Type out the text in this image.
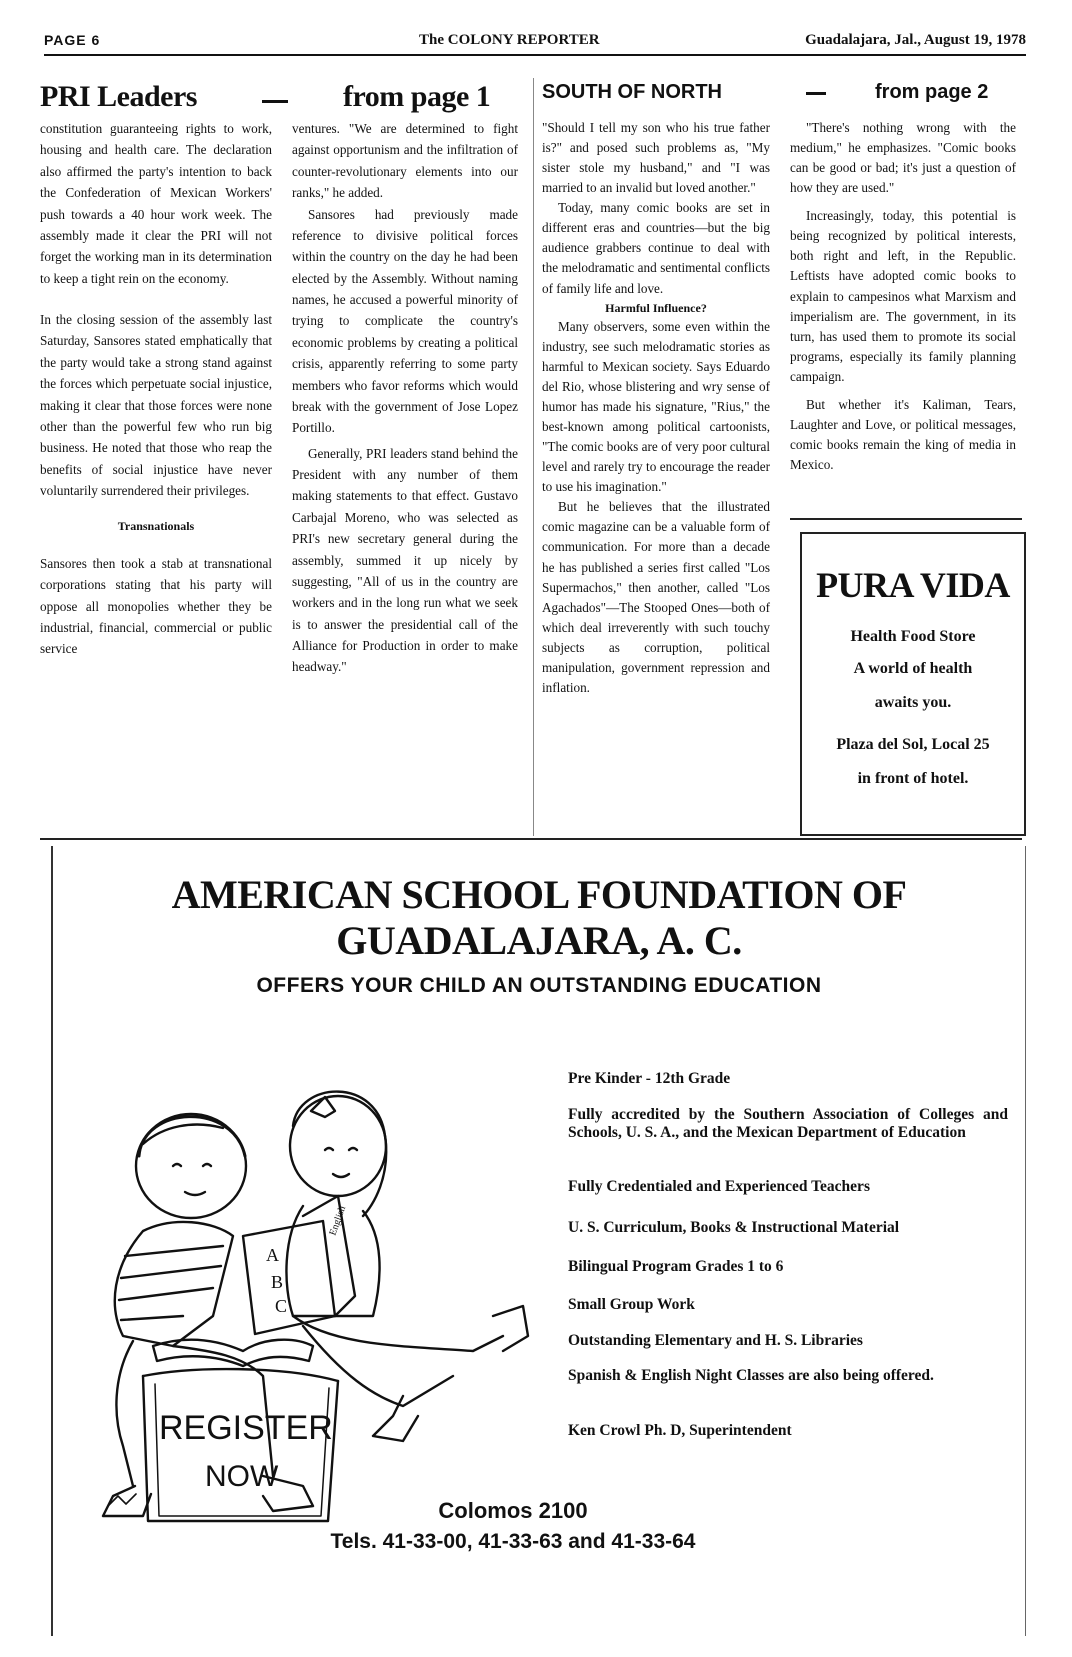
PAGE 6	The COLONY REPORTER	Guadalajara, Jal., August 19, 1978
PRI Leaders	from page 1	SOUTH OF NORTH	from page 2

constitution guaranteeing rights to work, housing and health care. The declaration also affirmed the party's intention to back the Confederation of Mexican Workers' push towards a 40 hour work week. The assembly made it clear the PRI will not forget the working man in its determination to keep a tight rein on the economy.

In the closing session of the assembly last Saturday, Sansores stated emphatically that the party would take a strong stand against the forces which perpetuate social injustice, making it clear that those forces were none other than the powerful few who run big business. He noted that those who reap the benefits of social injustice have never voluntarily surrendered their privileges.

Transnationals

Sansores then took a stab at transnational corporations stating that his party will oppose all monopolies whether they be industrial, financial, commercial or public service

ventures. "We are determined to fight against opportunism and the infiltration of counter-revolutionary elements into our ranks," he added.

Sansores had previously made reference to divisive political forces within the country on the day he had been elected by the Assembly. Without naming names, he accused a powerful minority of trying to complicate the country's economic problems by creating a political crisis, apparently referring to some party members who favor reforms which would break with the government of Jose Lopez Portillo.

Generally, PRI leaders stand behind the President with any number of them making statements to that effect. Gustavo Carbajal Moreno, who was selected as PRI's new secretary general during the assembly, summed it up nicely by suggesting, "All of us in the country are workers and in the long run what we seek is to answer the presidential call of the Alliance for Production in order to make headway."

"Should I tell my son who his true father is?" and posed such problems as, "My sister stole my husband," and "I was married to an invalid but loved another."

Today, many comic books are set in different eras and countries—but the big audience grabbers continue to deal with the melodramatic and sentimental conflicts of family life and love.

Harmful Influence?

Many observers, some even within the industry, see such melodramatic stories as harmful to Mexican society. Says Eduardo del Rio, whose blistering and wry sense of humor has made his signature, "Rius," the best-known among political cartoonists, "The comic books are of very poor cultural level and rarely try to encourage the reader to use his imagination."

But he believes that the illustrated comic magazine can be a valuable form of communication. For more than a decade he has published a series first called "Los Supermachos," then another, called "Los Agachados"—The Stooped Ones—both of which deal irreverently with such touchy subjects as corruption, political manipulation, government repression and inflation.

"There's nothing wrong with the medium," he emphasizes. "Comic books can be good or bad; it's just a question of how they are used."

Increasingly, today, this potential is being recognized by political interests, both right and left, in the Republic. Leftists have adopted comic books to explain to campesinos what Marxism and imperialism are. The government, in its turn, has used them to promote its social programs, especially its family planning campaign.

But whether it's Kaliman, Tears, Laughter and Love, or political messages, comic books remain the king of media in Mexico.

PURA VIDA
Health Food Store
A world of health
awaits you.
Plaza del Sol, Local 25
in front of hotel.
AMERICAN SCHOOL FOUNDATION OF
GUADALAJARA, A. C.
OFFERS YOUR CHILD AN OUTSTANDING EDUCATION
A
B
C
English
REGISTER
NOW
Pre Kinder - 12th Grade
Fully accredited by the Southern Association of Colleges and Schools, U. S. A., and the Mexican Department of Education
Fully Credentialed and Experienced Teachers
U. S. Curriculum, Books & Instructional Material
Bilingual Program Grades 1 to 6
Small Group Work
Outstanding Elementary and H. S. Libraries
Spanish & English Night Classes are also being offered.
Ken Crowl Ph. D, Superintendent
Colomos 2100
Tels. 41-33-00, 41-33-63 and 41-33-64
